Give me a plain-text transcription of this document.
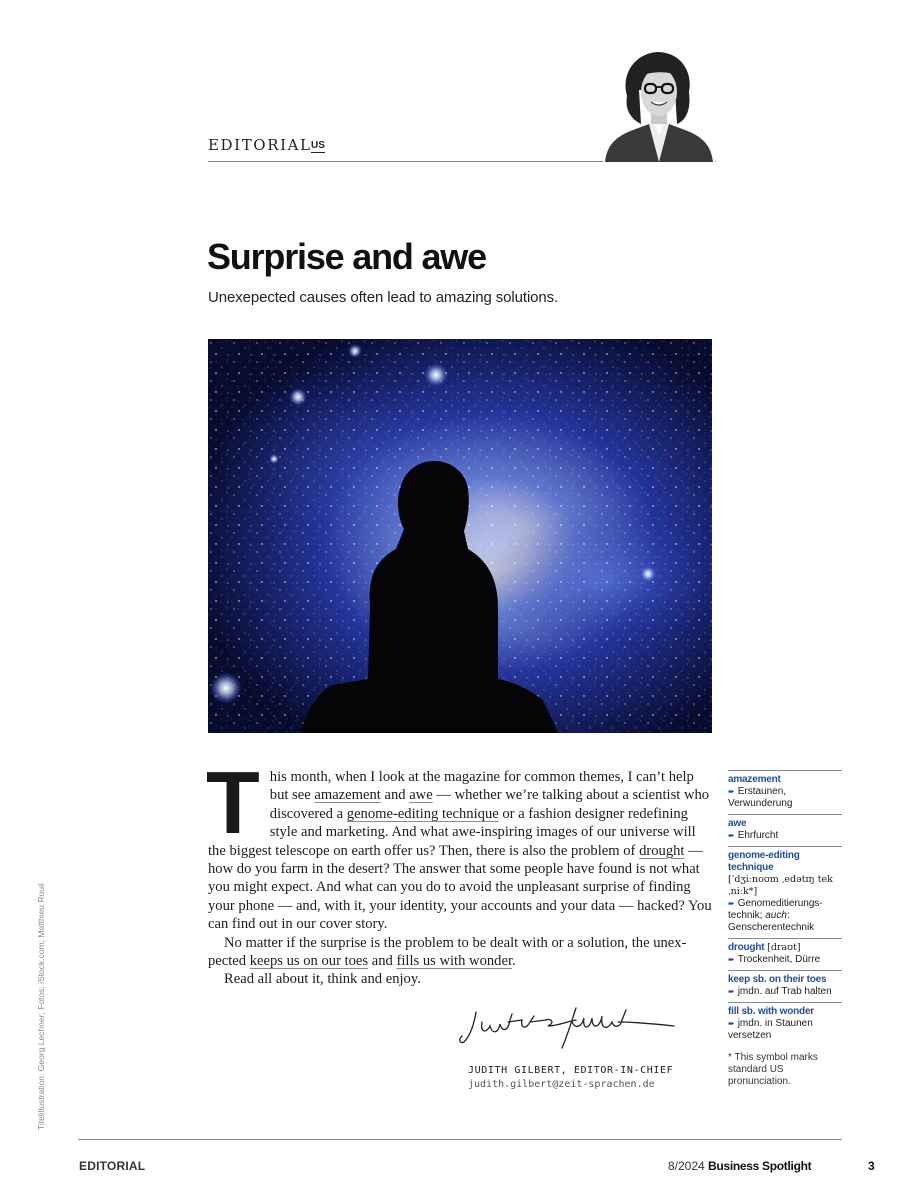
EDITORIAL US
Surprise and awe
Unexepected causes often lead to amazing solutions.

This month, when I look at the magazine for common themes, I can’t help but see amazement and awe — whether we’re talking about a scientist who discovered a genome-editing technique or a fashion designer redefining style and marketing. And what awe-inspiring images of our universe will the biggest telescope on earth offer us? Then, there is also the problem of drought — how do you farm in the desert? The answer that some people have found is not what you might expect. And what can you do to avoid the unpleasant surprise of finding your phone — and, with it, your identity, your accounts and your data — hacked? You can find out in our cover story.

No matter if the surprise is the problem to be dealt with or a solution, the unex-pected keeps us on our toes and fills us with wonder.

Read all about it, think and enjoy.

JUDITH GILBERT, EDITOR-IN-CHIEF
judith.gilbert@zeit-sprachen.de
amazement
➨ Erstaunen, Verwunderung
awe
➨ Ehrfurcht
genome-editing technique
[ˈdʒiːnoʊm ˌedətɪŋ tekˌniːk*]
➨ Genomeditierungs-technik; auch: Genscherentechnik
drought [draʊt]
➨ Trockenheit, Dürre
keep sb. on their toes
➨ jmdn. auf Trab halten
fill sb. with wonder
➨ jmdn. in Staunen versetzen
* This symbol marks standard US pronunciation.
Titelillustration: Georg Lechner; Fotos: iStock.com; Matthieu Rouil
EDITORIAL	8/2024 Business Spotlight	3
